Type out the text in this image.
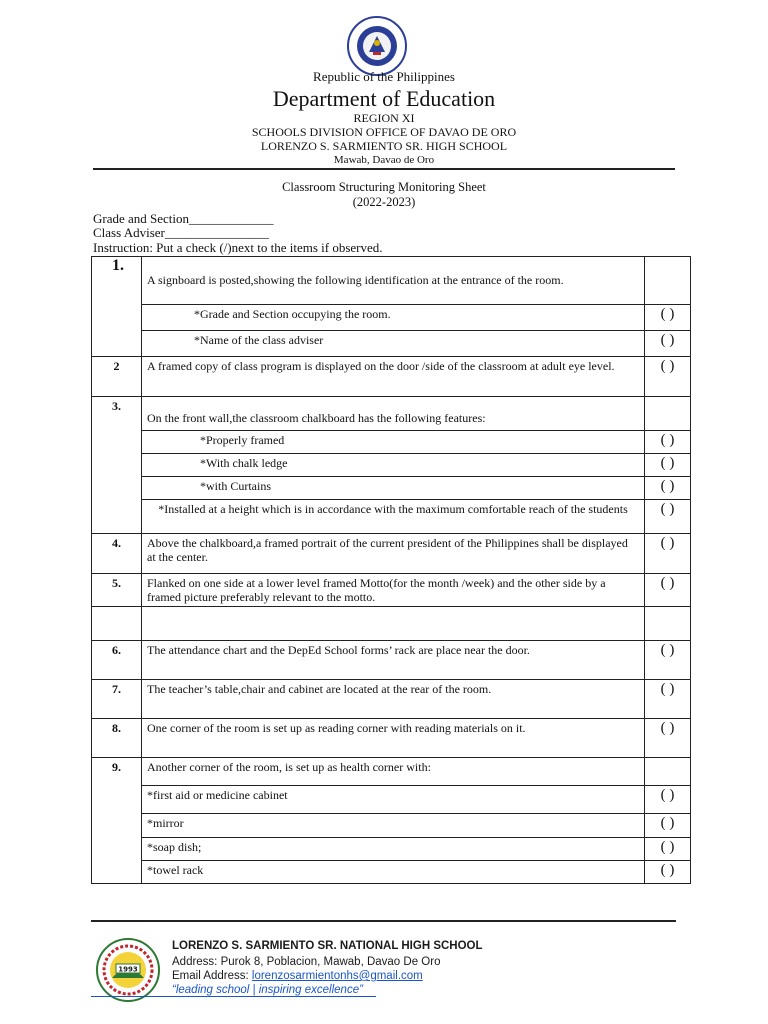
Republic of the Philippines
Department of Education
REGION XI
SCHOOLS DIVISION OFFICE OF DAVAO DE ORO
LORENZO S. SARMIENTO SR. HIGH SCHOOL
Mawab, Davao de Oro
Classroom Structuring Monitoring Sheet
(2022-2023)
Grade and Section_____________
Class Adviser________________
Instruction: Put a check (/)next to the items if observed.
1.	A signboard is posted,showing the following identification at the entrance of the room.	
	*Grade and Section occupying the room.	( )
	*Name of the class adviser	( )
2	A framed copy of class program is displayed on the door /side of the classroom at adult eye level.	( )
3.	On the front wall,the classroom chalkboard has the following features:	
	*Properly framed	( )
	*With chalk ledge	( )
	*with Curtains	( )
	*Installed at a height which is in accordance with the maximum comfortable reach of the students	( )
4.	Above the chalkboard,a framed portrait of the current president of the Philippines shall be displayed at the center.	( )
5.	Flanked on one side at a lower level framed Motto(for the month /week) and the other side by a framed picture preferably relevant to the motto.	( )

6.	The attendance chart and the DepEd School forms’ rack are place near the door.	( )
7.	The teacher’s table,chair and cabinet are located at the rear of the room.	( )
8.	One corner of the room is set up as reading corner with reading materials on it.	( )
9.	Another corner of the room, is set up as health corner with:	
	*first aid or medicine cabinet	( )
	*mirror	( )
	*soap dish;	( )
	*towel rack	( )
1993
LORENZO S. SARMIENTO SR. NATIONAL HIGH SCHOOL
Address: Purok 8, Poblacion, Mawab, Davao De Oro
Email Address: lorenzosarmientonhs@gmail.com
“leading school | inspiring excellence”
